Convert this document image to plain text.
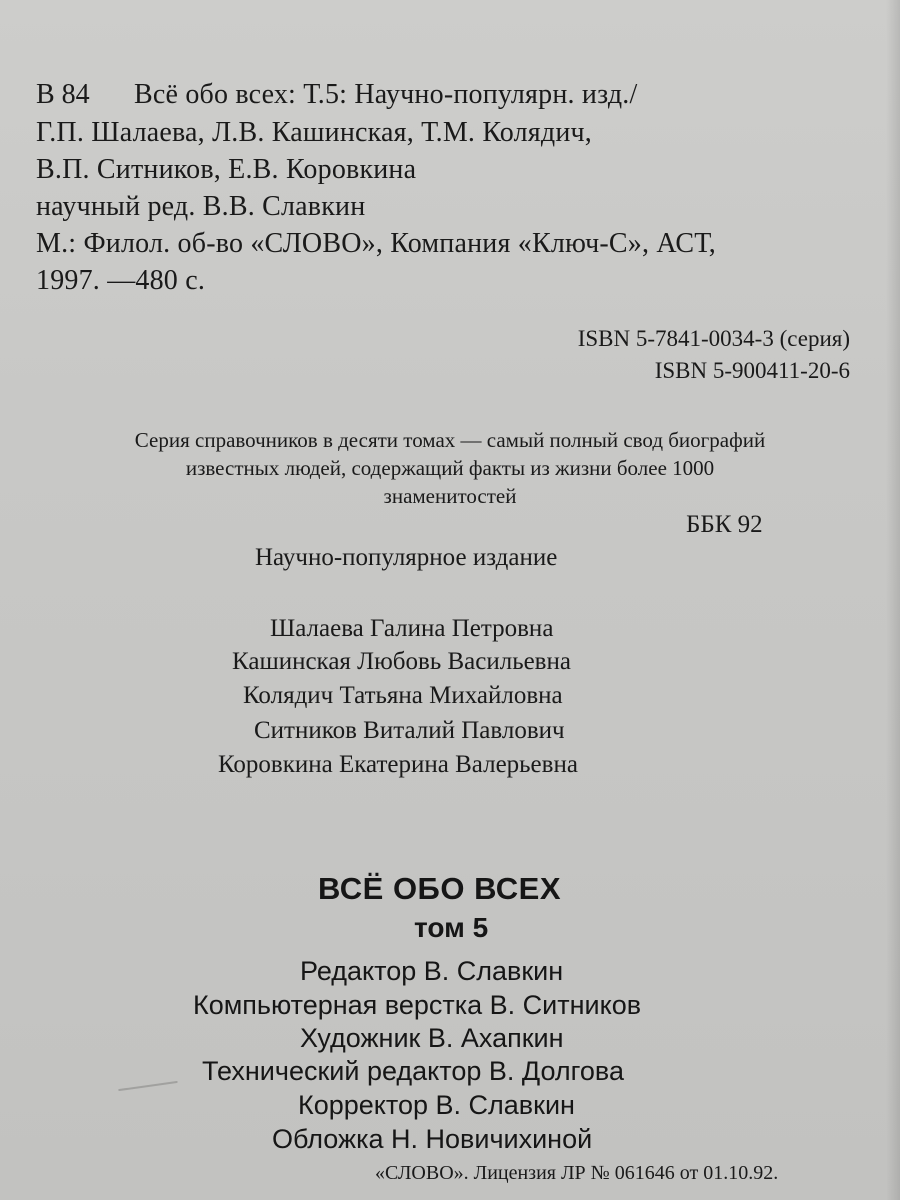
В 84 Всё обо всех: Т.5: Научно-популярн. изд./

Г.П. Шалаева, Л.В. Кашинская, Т.М. Колядич,

В.П. Ситников, Е.В. Коровкина

научный ред. В.В. Славкин

М.: Филол. об-во «СЛОВО», Компания «Ключ-С», АСТ,

1997. —480 с.

ISBN 5-7841-0034-3 (серия)

ISBN 5-900411-20-6

Серия справочников в десяти томах — самый полный свод биографий

известных людей, содержащий факты из жизни более 1000

знаменитостей

ББК 92

Научно-популярное издание

Шалаева Галина Петровна

Кашинская Любовь Васильевна

Колядич Татьяна Михайловна

Ситников Виталий Павлович

Коровкина Екатерина Валерьевна

ВСЁ ОБО ВСЕХ

том 5

Редактор В. Славкин

Компьютерная верстка В. Ситников

Художник В. Ахапкин

Технический редактор В. Долгова

Корректор В. Славкин

Обложка Н. Новичихиной

«СЛОВО». Лицензия ЛР № 061646 от 01.10.92.
